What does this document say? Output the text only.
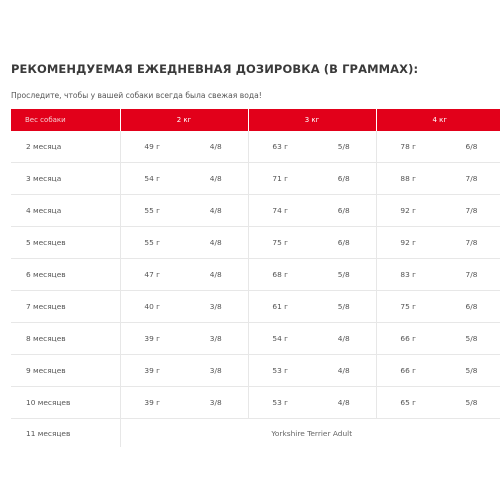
РЕКОМЕНДУЕМАЯ ЕЖЕДНЕВНАЯ ДОЗИРОВКА (В ГРАММАХ):

Проследите, чтобы у вашей собаки всегда была свежая вода!

Вес собаки	2 кг		3 кг		4 кг	
2 месяца	49 г	4/8	63 г	5/8	78 г	6/8
3 месяца	54 г	4/8	71 г	6/8	88 г	7/8
4 месяца	55 г	4/8	74 г	6/8	92 г	7/8
5 месяцев	55 г	4/8	75 г	6/8	92 г	7/8
6 месяцев	47 г	4/8	68 г	5/8	83 г	7/8
7 месяцев	40 г	3/8	61 г	5/8	75 г	6/8
8 месяцев	39 г	3/8	54 г	4/8	66 г	5/8
9 месяцев	39 г	3/8	53 г	4/8	66 г	5/8
10 месяцев	39 г	3/8	53 г	4/8	65 г	5/8
11 месяцев	Yorkshire Terrier Adult					
